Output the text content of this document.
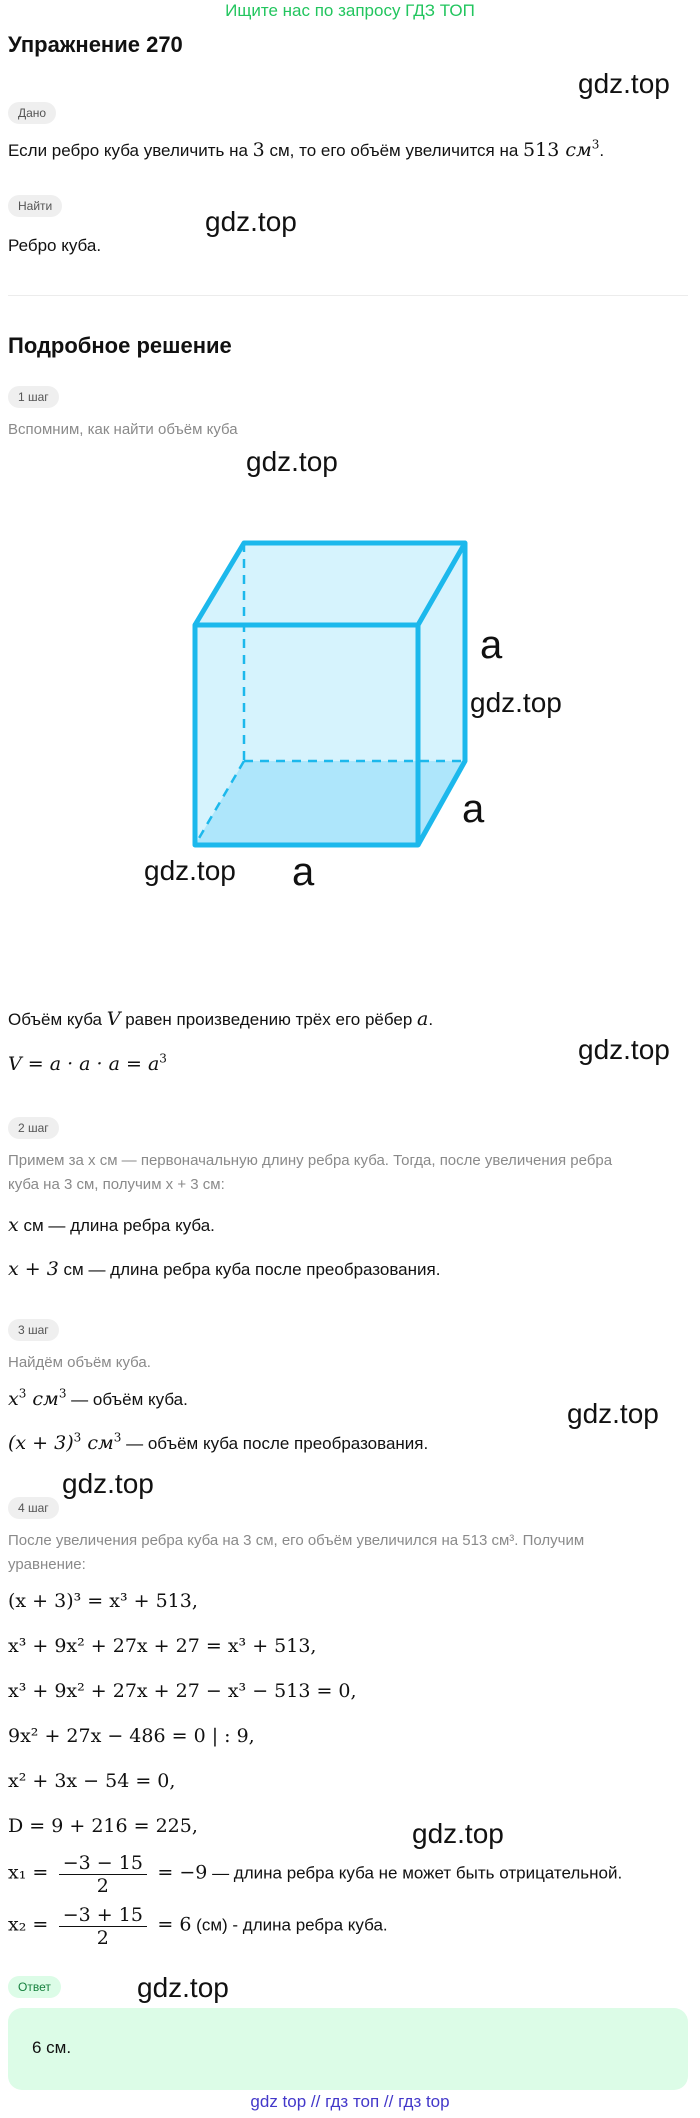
Ищите нас по запросу ГДЗ ТОП
Упражнение 270
gdz.top
Дано
Если ребро куба увеличить на 3 см, то его объём увеличится на 513 $см^3$.
Найти	gdz.top
Ребро куба.
Подробное решение
1 шаг
Вспомним, как найти объём куба
gdz.top
a
a
a
gdz.top
gdz.top
Объём куба V равен произведению трёх его рёбер a.
gdz.top
$V = a \cdot a \cdot a = a^3$
2 шаг
Примем за x см — первоначальную длину ребра куба. Тогда, после увеличения ребра
куба на 3 см, получим x + 3 см:
x см — длина ребра куба.
x + 3 см — длина ребра куба после преобразования.
3 шаг
Найдём объём куба.
$x^3$ $см^3$ — объём куба.	gdz.top
$(x + 3)^3$ $см^3$ — объём куба после преобразования.
gdz.top
4 шаг
После увеличения ребра куба на 3 см, его объём увеличился на 513 см³. Получим
уравнение:
(x + 3)³ = x³ + 513,
x³ + 9x² + 27x + 27 = x³ + 513,
x³ + 9x² + 27x + 27 − x³ − 513 = 0,
9x² + 27x − 486 = 0 | : 9,
x² + 3x − 54 = 0,
D = 9 + 216 = 225,	gdz.top
$x_1 = \frac{-3 - 15}{2} = -9$ — длина ребра куба не может быть отрицательной.
$x_2 = \frac{-3 + 15}{2} = 6$ (см) - длина ребра куба.
Ответ	gdz.top
6 см.
gdz top // гдз топ // гдз top
